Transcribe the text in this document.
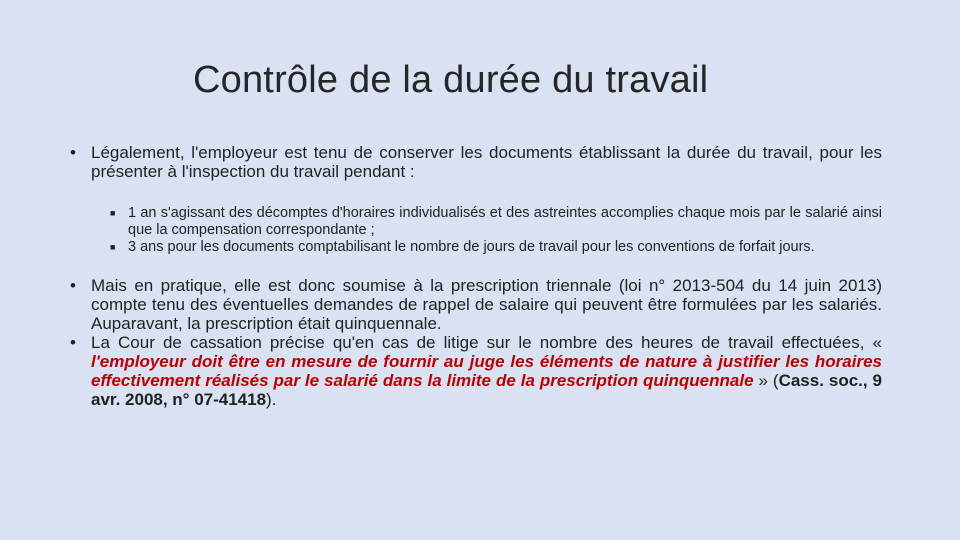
Contrôle de la durée du travail

• Légalement, l'employeur est tenu de conserver les documents établissant la durée du travail, pour les présenter à l'inspection du travail pendant :

■ 1 an s'agissant des décomptes d'horaires individualisés et des astreintes accomplies chaque mois par le salarié ainsi que la compensation correspondante ;

■ 3 ans pour les documents comptabilisant le nombre de jours de travail pour les conventions de forfait jours.

• Mais en pratique, elle est donc soumise à la prescription triennale (loi n° 2013-504 du 14 juin 2013) compte tenu des éventuelles demandes de rappel de salaire qui peuvent être formulées par les salariés. Auparavant, la prescription était quinquennale.

• La Cour de cassation précise qu'en cas de litige sur le nombre des heures de travail effectuées, « l'employeur doit être en mesure de fournir au juge les éléments de nature à justifier les horaires effectivement réalisés par le salarié dans la limite de la prescription quinquennale » (Cass. soc., 9 avr. 2008, n° 07-41418).
